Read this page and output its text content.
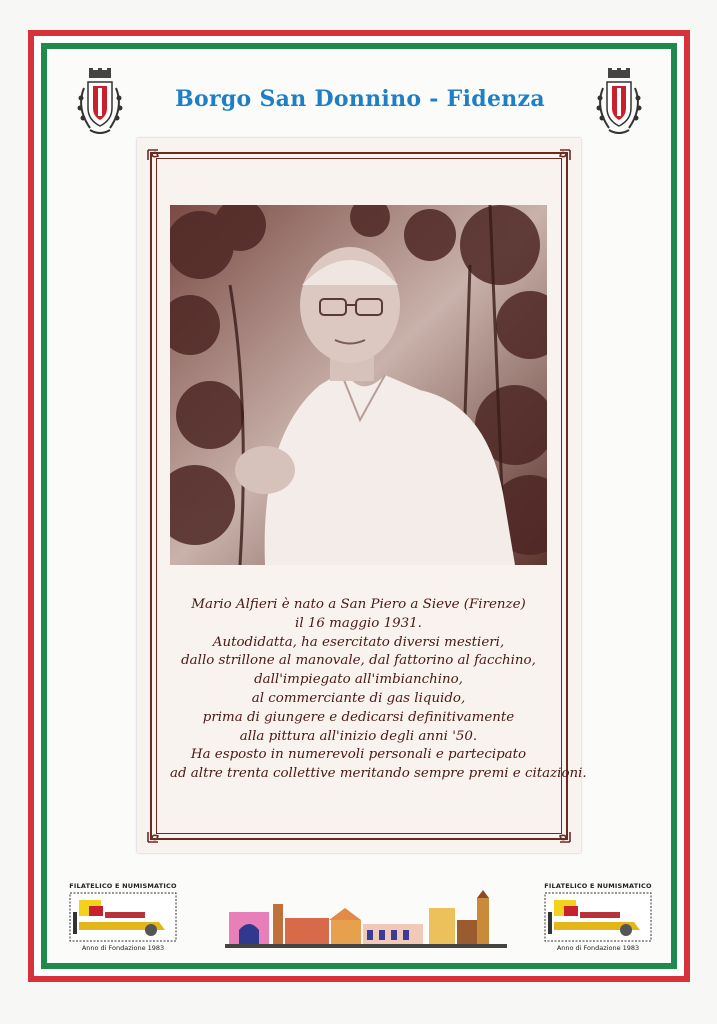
Borgo San Donnino - Fidenza
Mario Alfieri è nato a San Piero a Sieve (Firenze)
il 16 maggio 1931.
Autodidatta, ha esercitato diversi mestieri,
dallo strillone al manovale, dal fattorino al facchino,
dall'impiegato all'imbianchino,
al commerciante di gas liquido,
prima di giungere e dedicarsi definitivamente
alla pittura all'inizio degli anni '50.
Ha esposto in numerevoli personali e partecipato
ad altre trenta collettive meritando sempre premi e citazioni.
FILATELICO E NUMISMATICO
Anno di Fondazione 1983
FILATELICO E NUMISMATICO
Anno di Fondazione 1983
